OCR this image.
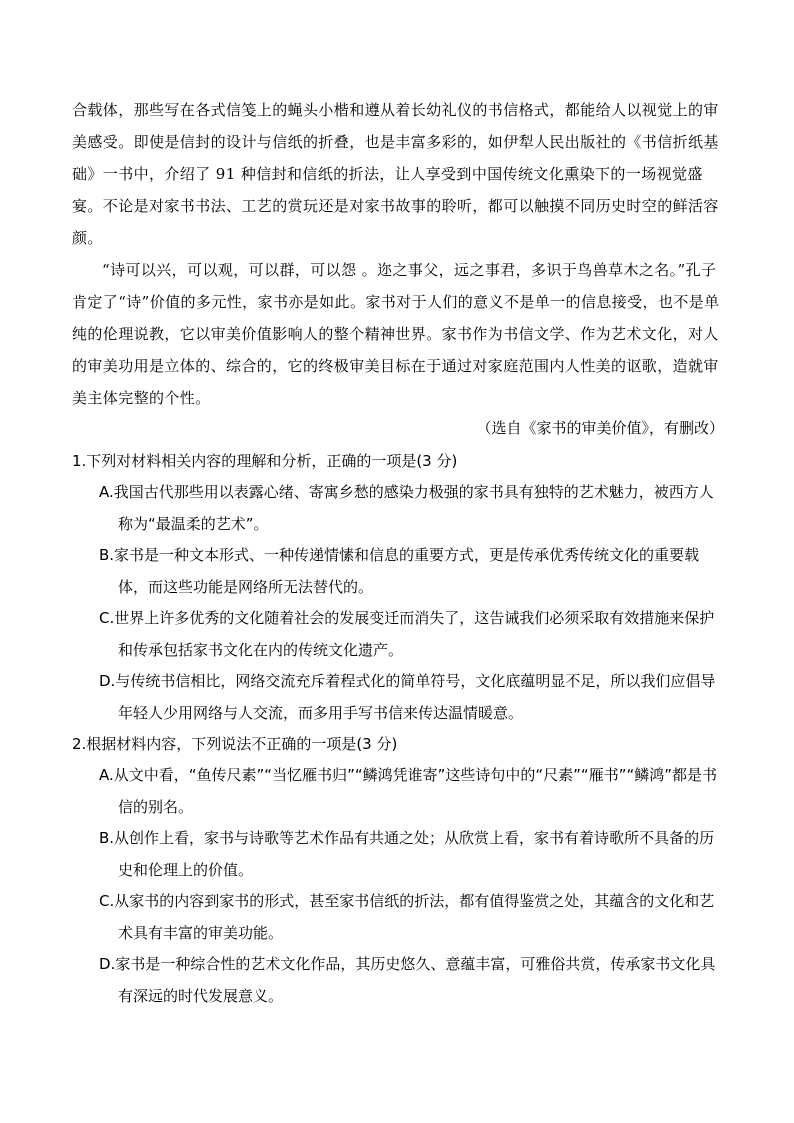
合载体，那些写在各式信笺上的蝇头小楷和遵从着长幼礼仪的书信格式，都能给人以视觉上的审美感受。即使是信封的设计与信纸的折叠，也是丰富多彩的，如伊犁人民出版社的《书信折纸基础》一书中，介绍了 91 种信封和信纸的折法，让人享受到中国传统文化熏染下的一场视觉盛宴。不论是对家书书法、工艺的赏玩还是对家书故事的聆听，都可以触摸不同历史时空的鲜活容颜。

“诗可以兴，可以观，可以群，可以怨 。迩之事父，远之事君，多识于鸟兽草木之名。”孔子肯定了“诗”价值的多元性，家书亦是如此。家书对于人们的意义不是单一的信息接受，也不是单纯的伦理说教，它以审美价值影响人的整个精神世界。家书作为书信文学、作为艺术文化，对人的审美功用是立体的、综合的，它的终极审美目标在于通过对家庭范围内人性美的讴歌，造就审美主体完整的个性。

（选自《家书的审美价值》，有删改）

1.下列对材料相关内容的理解和分析，正确的一项是(3 分)

A.我国古代那些用以表露心绪、寄寓乡愁的感染力极强的家书具有独特的艺术魅力，被西方人称为“最温柔的艺术”。

B.家书是一种文本形式、一种传递情愫和信息的重要方式，更是传承优秀传统文化的重要载体，而这些功能是网络所无法替代的。

C.世界上许多优秀的文化随着社会的发展变迁而消失了，这告诫我们必须采取有效措施来保护和传承包括家书文化在内的传统文化遗产。

D.与传统书信相比，网络交流充斥着程式化的简单符号，文化底蕴明显不足，所以我们应倡导年轻人少用网络与人交流，而多用手写书信来传达温情暖意。

2.根据材料内容，下列说法不正确的一项是(3 分)

A.从文中看，“鱼传尺素”“当忆雁书归”“鳞鸿凭谁寄”这些诗句中的“尺素”“雁书”“鳞鸿”都是书信的别名。

B.从创作上看，家书与诗歌等艺术作品有共通之处；从欣赏上看，家书有着诗歌所不具备的历史和伦理上的价值。

C.从家书的内容到家书的形式，甚至家书信纸的折法，都有值得鉴赏之处，其蕴含的文化和艺术具有丰富的审美功能。

D.家书是一种综合性的艺术文化作品，其历史悠久、意蕴丰富，可雅俗共赏，传承家书文化具有深远的时代发展意义。
